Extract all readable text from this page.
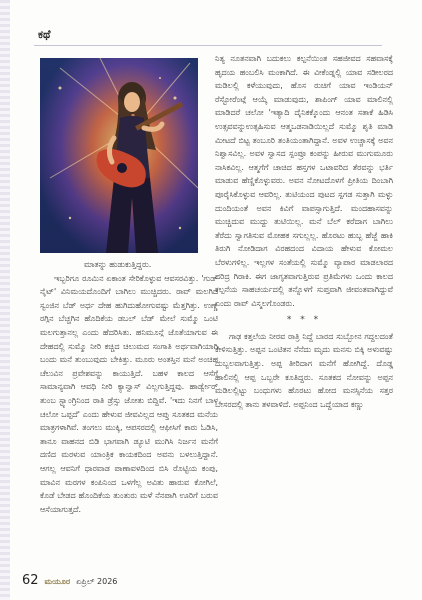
ಕಥೆ

ಮಾತನ್ನು ಹುಡುಕುತ್ತಿದ್ದರು.

ಇಬ್ಬರಿಗೂ ರೂಮಿನ ಏಕಾಂತ ಸೇರಿಕೊಳ್ಳುವ ಆವಸರವಿತ್ತು. 'ಗುಡ್ ನೈಟ್' ವಿನಿಮಯದೊಂದಿಗೆ ಬಾಗಿಲು ಮುಚ್ಚಿದರು. ರಾವ್ ಮಲಗಿದ ಸ್ವಂಜಿನ ಬೆಡ್ ಅರ್ಧ ದೇಹ ಹುಗಿದುಹೋಗುವಷ್ಟು ಮೆತ್ತಗಿತ್ತು. ಉಣ್ಣೆ ರಗ್ಗಿನ ಬೆಚ್ಚಗಿನ ಹೊದಿಕೆಯ ಡಬಲ್ ಬೆಡ್ ಮೇಲೆ ಸುಮ್ಮೊ ಒಂಟಿ ಮಲಗುತ್ತಾನಲ್ಲ ಎಂದು ಹೆದರಿಸಿತು. ಹನಿಮೂನ್ಗೆ ಜೊತೆಯಾಗುವ ಈ ದೇಹದಲ್ಲಿ ಸುಮ್ಮೊ ನೀರಿ ಕಚ್ಚಿದ ಚಿಲುಮದ ಸಂಗಾತಿ ಅರ್ಥವಾಗಿಯಾಗಿ ಬಂದು ಮನೆ ತುಂಬುವುದು ಬೇಕಿತ್ತು. ಮೂರು ಅಂತಸ್ತಿನ ಮನೆ ಅಂಚಿಹ ಚೆಲುವಿನ ಪ್ರವೇಶವನ್ನು ಕಾಯುತ್ತಿದೆ. ಬಹಳ ಕಾಲದ ಆಸೆಗೆ ಸಾಮಾನ್ಯವಾಗಿ ಆವಧಿ ನೀರಿ ಕ್ಯಾನ್ವಾಸ್ ವಿಲ್ಲಗುತ್ತಿದ್ದವು. ಹಾರ್ಡ್ವೇರ್ ತುಂಬ ಸ್ಟ್ಯಾಂಗ್ರಿನಿಂದ ರಾತಿ ಡ್ರೆಸ್ಸು ಜೋತು ಬಿದ್ದಿವೆ. 'ಇದು ನಿನಗೆ ಬಾಳ ಚಲೋ ಒಪ್ಪದೆ' ಎಂದು ಹೇಳುವ ಜೀವವಿಲ್ಲದ ಆಪ್ತು ಸೂತಕದ ಮನೆಯ ಮಾತ್ರಗಳಾಗಿವೆ. ತಂಗಲು ಮುಕ್ಕಿ, ಆಪಸರದಲ್ಲಿ ಆಫೀಸಿಗೆ ಕಾರು ಓಡಿಸಿ, ತಾನೂ ವಾಹನದ ಬಿಡಿ ಭಾಗವಾಗಿ ಡ್ಯೂಟಿ ಮುಗಿಸಿ ನಿರ್ಜನ ಮನೆಗೆ ದಣಿದ ಮರಳುವ ಯಾಂತ್ರಿಕ ಕಾಯಕದಿಂದ ಅವನು ಬಳಲುತ್ತಿದ್ದಾನೆ. ಆಗಲ್ಲ ಆವನಿಗೆ ಧಾರವಾಡ ಪಾಣಾವಳದಿಂದ ಬಿಸಿ ರೊಟ್ಟಿಯ ಕಂಪು, ಮಾವಿನ ಮರಗಳ ಕಂಪಿನಿಂದ ಒಳಗೆಲ್ಲ ಅವಿತು ಹಾರುವ ಕೋಗಿಲೆ, ಕೊಡೆ ಬೇಡದ ಹೊಂದಿಕೆಯ ತುಂತುರು ಮಳೆ ನೆನಪಾಗಿ ಊರಿಗೆ ಬರುವ ಆಸೆಯಾಗುತ್ತದೆ.

ನಿತ್ಯ ನೂತನವಾಗಿ ಬದುಕಲು ಕಲ್ಪನೆಯಿಂತ ಸಹಜೀವದ ಸಹವಾಸಕ್ಕೆ ಹೃದಯ ಹಂಬಲಿಸಿ ಮಂಕಾಗಿದೆ. ಈ ವೀಕೆಂಡ್ನಲ್ಲಿ ಯಾವ ಸಡೀಲರದ ಮಡಿಲಲ್ಲಿ ಕಳೆಯುವುದು, ಹೊಸ ರುಚಿಗೆ ಯಾವ ಇಂಡಿಯನ್ ರೆಸ್ಟೋರೆಂಟ್ಗೆ ಆಯ್ಕೆ ಮಾಡುವುದು, ಶಾಪಿಂಗ್ ಯಾವ ಮಾಲಿನಲ್ಲಿ ಮಾಡಿದರೆ ಚಲೋ 'ಇತ್ಯಾದಿ ದೈನಿಕಕ್ಕೊಂದು ಆನಂತ ಸತಾಕೆ ಹಿಡಿಸಿ ಉತ್ಸವವನ್ನುಉತ್ಸಹಿಸುವ ಆತ್ಮಒಡನಾಡಿಯಿಲ್ಲದೆ ಸುಮ್ಮೊ ಶೃತಿ ಮಾಡಿ ಮೀಟದೆ ಬಿಟ್ಟ ತಂಬೂರಿ ತಂತಿಯಂತಾಗಿದ್ದಾನೆ. ಅವಳ ಉಚ್ಚಾಸಕ್ಕೆ ಅವನ ನಿಶ್ವಾಸವಿಲ್ಲ. ಅವಳ ಸ್ವಾಸದ ಸ್ಪಂಪ್ರೂ ಕಂಪನ್ನು ಹೀರುವ ಮುಗುಮೂರು ನಾಸಿಕವಿಲ್ಲ. ಆತ್ಮಗೆಗೆ ಚಾಚಿದ ಹಸ್ತಗಳ ಒಟಾವರಿದ ತೆರವನ್ನು ಭರ್ತಿ ಮಾಡುವ ಹೆಣ್ಣಿಕೊಳ್ಳುವರು. ಅವನ ನೋಟದೊಳಗೆ ಪ್ರೀತಿಯ ದಿಂಬಾಗಿ ಪೂರೈಸಿಕೊಳ್ಳುವ ಆವರಿಲ್ಲ. ತುಟಿಯಂದ ಪುಟದ ಸ್ಪಗಡ ಸುತ್ತಾಗಿ ಮಳ್ಳು ದುಂದಿಯಂತೆ ಅವನ ಕಿವಿಗೆ ವಾಪಸ್ಸಾಗುತ್ತಿದೆ. ಮಂದಹಾಸವನ್ನು ಮುಚ್ಚಿದುವ ಮುದ್ದು ತುಟಿಯಿಲ್ಲ. ಮನೆ ಬೆಲ್ ಕರೆದಾಗ ಬಾಗಿಲು ತೆರೆದು ಸ್ವಾಗತಿಸುವ ಮೋಹಕ ಸಗುಲ್ಲಲ್ಲ. ಹೊರಟು ಹುಬ್ಬ ಹೆಜ್ಜೆ ಹಾಕಿ ತಿರುಗಿ ನೋಡಿದಾಗ ವಿರಹದಂದ ವಿದಾಯ ಹೇಳುವ ಕೋಮಲ ಬೆರಳುಗಳಿಲ್ಲ. ಇಲ್ಲಗಳ ಸಂತೆಯಲ್ಲಿ ಸುಮ್ಮೊ ವ್ಯಾಪಾರ ಮಾಡಲಾರದ ದರಿದ್ರ ಗಿರಾಕಿ. ಈಗ ಜಾಗೃತವಾಗುತ್ತಿರುವ ಪ್ರತಿಮೆಗಳು ಒಂದು ಕಾಲದ ಕಲ್ಪನೆಯ ಸಾಹಚರ್ಯದಲ್ಲಿ ತನ್ನೊಳಗೆ ಸುಪ್ತವಾಗಿ ಜೀವಂತವಾಗಿದ್ದುವೆ ಎಂದು ರಾವ್ ವಿಸ್ಮಲಗೊಂಡರು.

* * *

ಗಾಢ ಕತ್ತಲೆಯ ನೀರವ ರಾತ್ರಿ ನಿದ್ದೆ ಬಾರದ ಸುಬ್ಬೋನ ಗದ್ದಲದಂತೆ ಕೇಳಿಸುತ್ತಿತ್ತು. ಅಪ್ಪನ ಒಂಟಿತನ ನೆನೆದು ಮೃದು ಮನಸು ಬಿಕ್ಕಿ ಅಳುವಷ್ಟು ದುಬ್ಬಲವಾಗುತ್ತಿತ್ತು. ಅಪ್ಪ ತೀರಿದಾಗ ಮನೆಗೆ ಹೋಗಿದ್ದೆ. ದೊಡ್ಡ ಹಾಲಿನಲ್ಲಿ ಆಪ್ಪ ಒಬ್ಬರೇ ಕೂತಿದ್ದರು. ಸೂತಕದ ನೋವನ್ನು ಅಪ್ಪನ ಮಡಿಲಲ್ಲಿಟ್ಟು ಬಂಧುಗಳು ಹೊರಟು ಹೋದ ಮನಸ್ಸಿನೆಯ ಸತ್ತರ ಬೇಸರದಲ್ಲಿ ತಾನು ತಳವಾಳಿದೆ. ಅಪ್ಪನಿಂದ ಒದ್ದೆಯಾದ ಕಣ್ಣು

62 ಮಯೂರ ಏಪ್ರಿಲ್ 2026
